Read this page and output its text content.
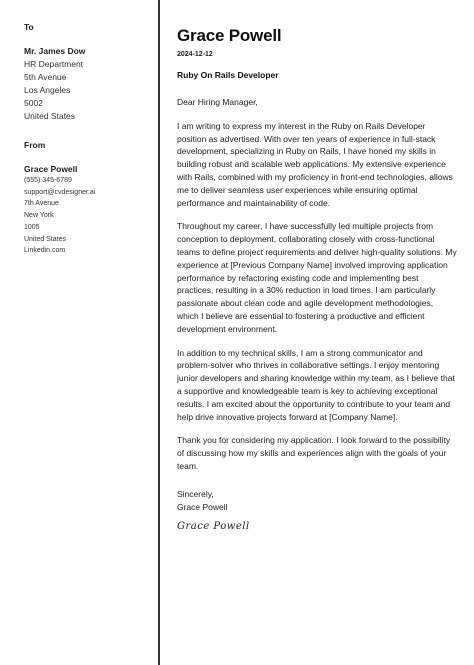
To
Mr. James Dow
HR Department
5th Avenue
Los Angeles
5002
United States
From
Grace Powell
(555) 345-6789
support@cvdesigner.ai
7th Avenue
New York
1005
United States
Linkedin.com
Grace Powell
2024-12-12
Ruby On Rails Developer
Dear Hiring Manager,
I am writing to express my interest in the Ruby on Rails Developer position as advertised. With over ten years of experience in full-stack development, specializing in Ruby on Rails, I have honed my skills in building robust and scalable web applications. My extensive experience with Rails, combined with my proficiency in front-end technologies, allows me to deliver seamless user experiences while ensuring optimal performance and maintainability of code.
Throughout my career, I have successfully led multiple projects from conception to deployment, collaborating closely with cross-functional teams to define project requirements and deliver high-quality solutions. My experience at [Previous Company Name] involved improving application performance by refactoring existing code and implementing best practices, resulting in a 30% reduction in load times. I am particularly passionate about clean code and agile development methodologies, which I believe are essential to fostering a productive and efficient development environment.
In addition to my technical skills, I am a strong communicator and problem-solver who thrives in collaborative settings. I enjoy mentoring junior developers and sharing knowledge within my team, as I believe that a supportive and knowledgeable team is key to achieving exceptional results. I am excited about the opportunity to contribute to your team and help drive innovative projects forward at [Company Name].
Thank you for considering my application. I look forward to the possibility of discussing how my skills and experiences align with the goals of your team.
Sincerely,
Grace Powell
Grace Powell
